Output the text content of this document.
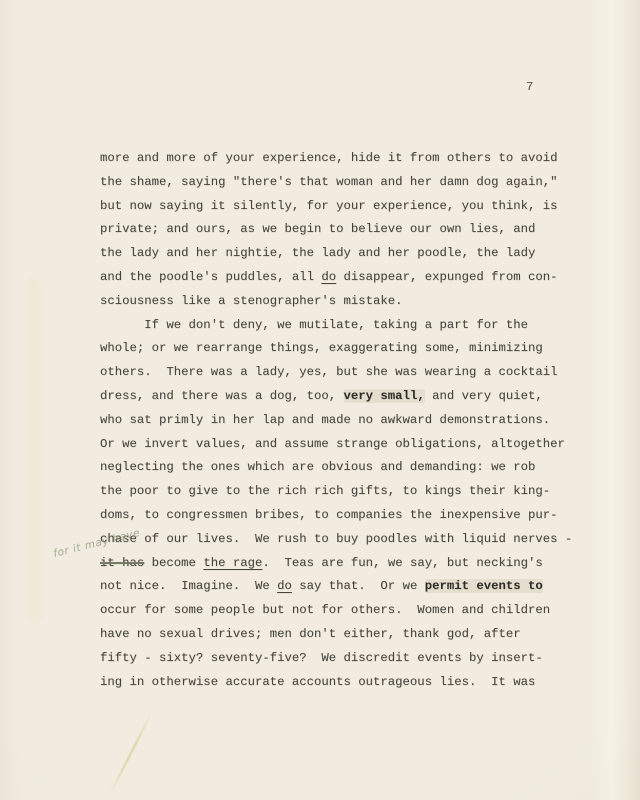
7
more and more of your experience, hide it from others to avoid
the shame, saying "there's that woman and her damn dog again,"
but now saying it silently, for your experience, you think, is
private; and ours, as we begin to believe our own lies, and
the lady and her nightie, the lady and her poodle, the lady
and the poodle's puddles, all do disappear, expunged from con-
sciousness like a stenographer's mistake.
If we don't deny, we mutilate, taking a part for the
whole; or we rearrange things, exaggerating some, minimizing
others.  There was a lady, yes, but she was wearing a cocktail
dress, and there was a dog, too, very small, and very quiet,
who sat primly in her lap and made no awkward demonstrations.
Or we invert values, and assume strange obligations, altogether
neglecting the ones which are obvious and demanding: we rob
the poor to give to the rich rich gifts, to kings their king-
doms, to congressmen bribes, to companies the inexpensive pur-
chase of our lives.  We rush to buy poodles with liquid nerves -
it has become the rage.  Teas are fun, we say, but necking's
not nice.  Imagine.  We do say that.  Or we permit events to
occur for some people but not for others.  Women and children
have no sexual drives; men don't either, thank god, after
fifty - sixty? seventy-five?  We discredit events by insert-
ing in otherwise accurate accounts outrageous lies.  It was
for it may have
